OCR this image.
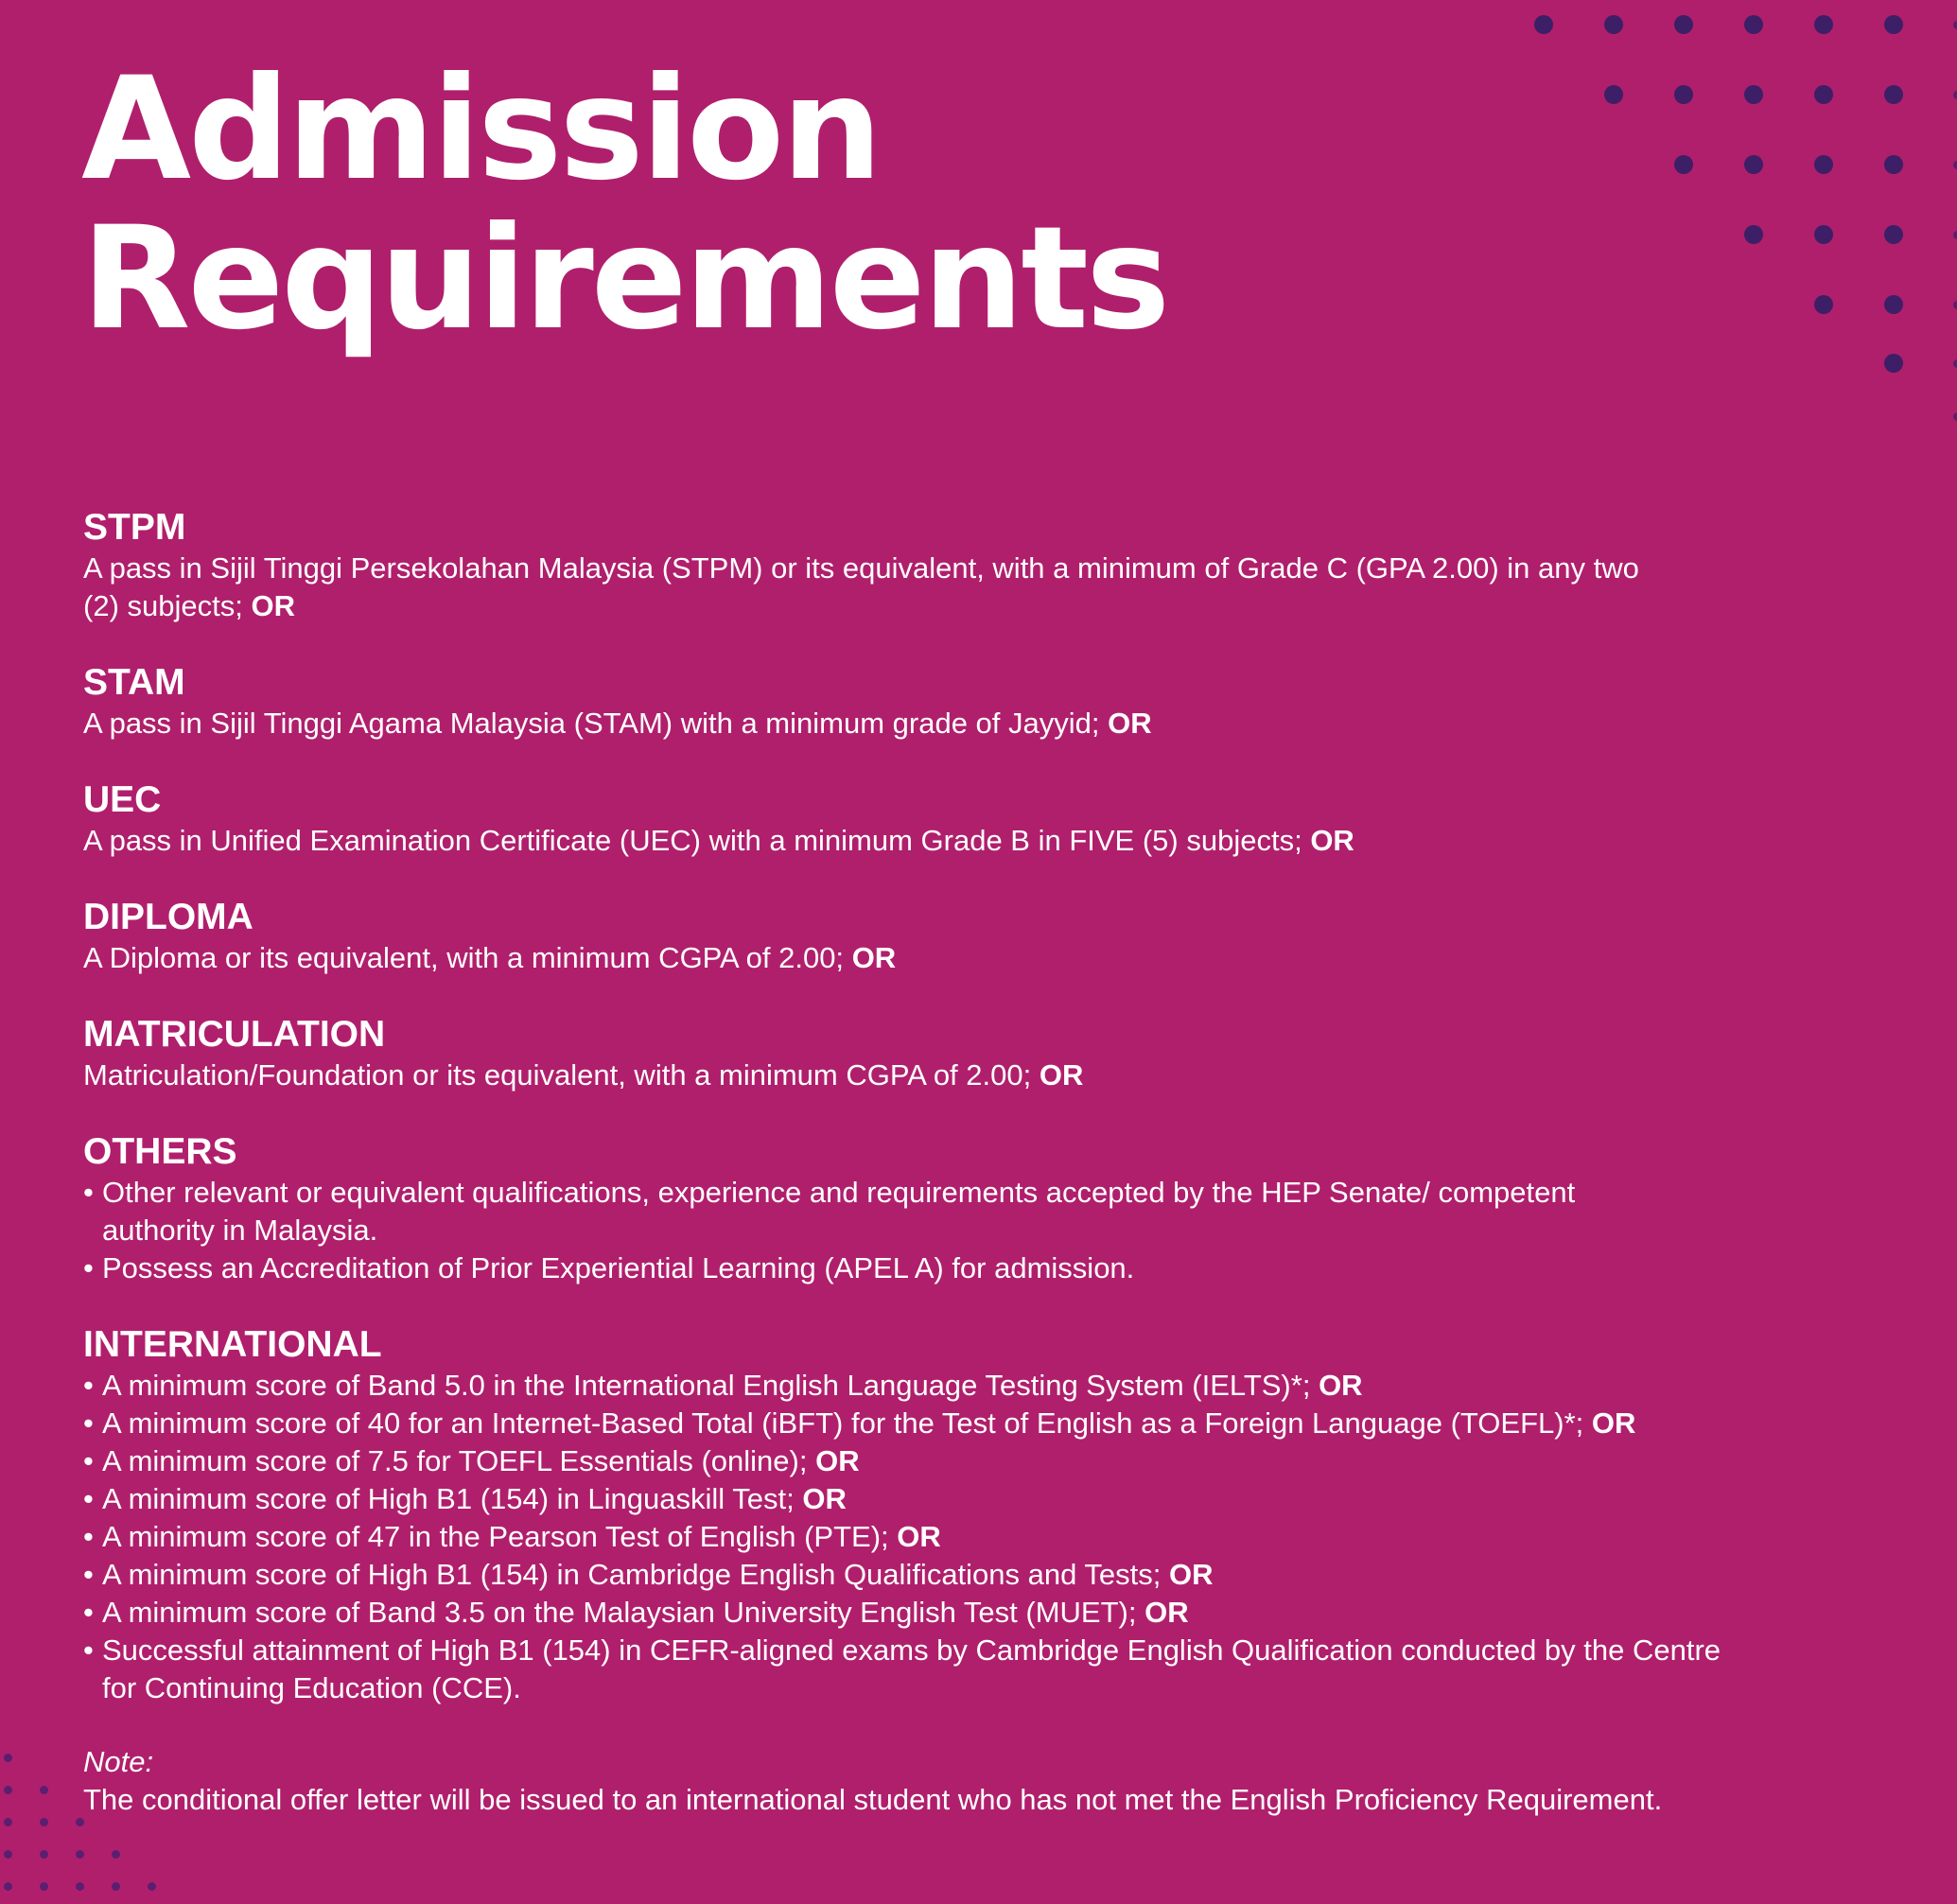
Admission
Requirements
STPM

A pass in Sijil Tinggi Persekolahan Malaysia (STPM) or its equivalent, with a minimum of Grade C (GPA 2.00) in any two (2) subjects; OR

STAM

A pass in Sijil Tinggi Agama Malaysia (STAM) with a minimum grade of Jayyid; OR

UEC

A pass in Unified Examination Certificate (UEC) with a minimum Grade B in FIVE (5) subjects; OR

DIPLOMA

A Diploma or its equivalent, with a minimum CGPA of 2.00; OR

MATRICULATION

Matriculation/Foundation or its equivalent, with a minimum CGPA of 2.00; OR

OTHERS
• Other relevant or equivalent qualifications, experience and requirements accepted by the HEP Senate/ competent authority in Malaysia.
• Possess an Accreditation of Prior Experiential Learning (APEL A) for admission.
INTERNATIONAL
• A minimum score of Band 5.0 in the International English Language Testing System (IELTS)*; OR
• A minimum score of 40 for an Internet-Based Total (iBFT) for the Test of English as a Foreign Language (TOEFL)*; OR
• A minimum score of 7.5 for TOEFL Essentials (online); OR
• A minimum score of High B1 (154) in Linguaskill Test; OR
• A minimum score of 47 in the Pearson Test of English (PTE); OR
• A minimum score of High B1 (154) in Cambridge English Qualifications and Tests; OR
• A minimum score of Band 3.5 on the Malaysian University English Test (MUET); OR
• Successful attainment of High B1 (154) in CEFR-aligned exams by Cambridge English Qualification conducted by the Centre for Continuing Education (CCE).
Note:
The conditional offer letter will be issued to an international student who has not met the English Proficiency Requirement.
